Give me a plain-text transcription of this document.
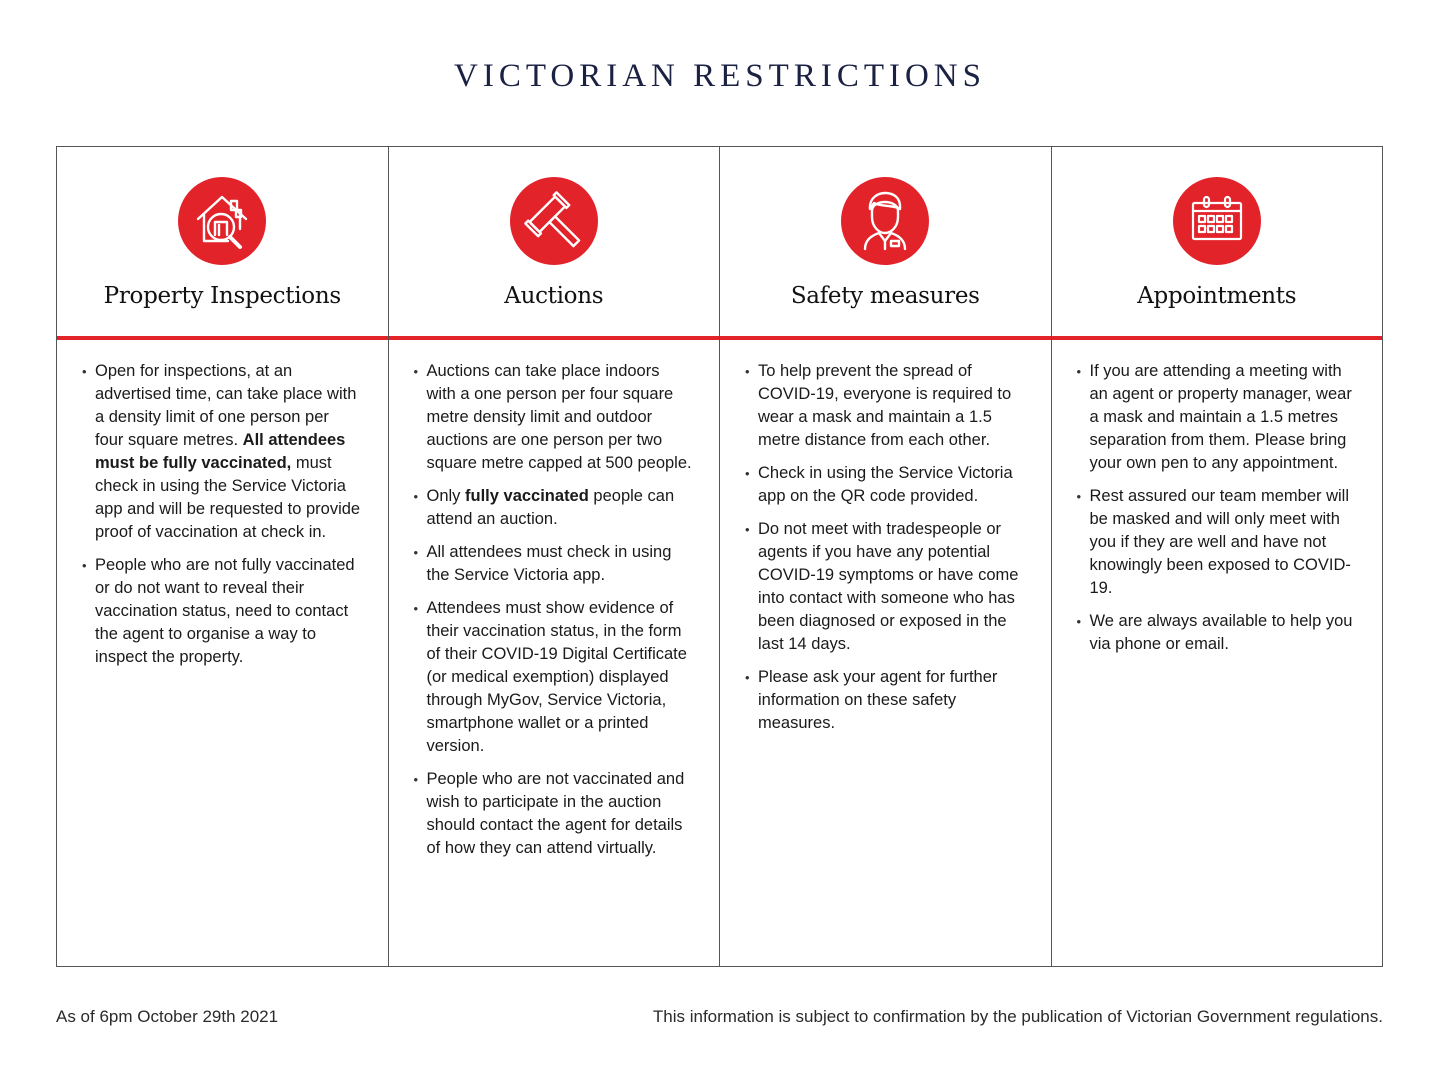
VICTORIAN RESTRICTIONS
Property Inspections
• Open for inspections, at an advertised time, can take place with a density limit of one person per four square metres. All attendees must be fully vaccinated, must check in using the Service Victoria app and will be requested to provide proof of vaccination at check in.
• People who are not fully vaccinated or do not want to reveal their vaccination status, need to contact the agent to organise a way to inspect the property.
Auctions
• Auctions can take place indoors with a one person per four square metre density limit and outdoor auctions are one person per two square metre capped at 500 people.
• Only fully vaccinated people can attend an auction.
• All attendees must check in using the Service Victoria app.
• Attendees must show evidence of their vaccination status, in the form of their COVID-19 Digital Certificate (or medical exemption) displayed through MyGov, Service Victoria, smartphone wallet or a printed version.
• People who are not vaccinated and wish to participate in the auction should contact the agent for details of how they can attend virtually.
Safety measures
• To help prevent the spread of COVID-19, everyone is required to wear a mask and maintain a 1.5 metre distance from each other.
• Check in using the Service Victoria app on the QR code provided.
• Do not meet with tradespeople or agents if you have any potential COVID-19 symptoms or have come into contact with someone who has been diagnosed or exposed in the last 14 days.
• Please ask your agent for further information on these safety measures.
Appointments
• If you are attending a meeting with an agent or property manager, wear a mask and maintain a 1.5 metres separation from them. Please bring your own pen to any appointment.
• Rest assured our team member will be masked and will only meet with you if they are well and have not knowingly been exposed to COVID-19.
• We are always available to help you via phone or email.
As of 6pm October 29th 2021	This information is subject to confirmation by the publication of Victorian Government regulations.
